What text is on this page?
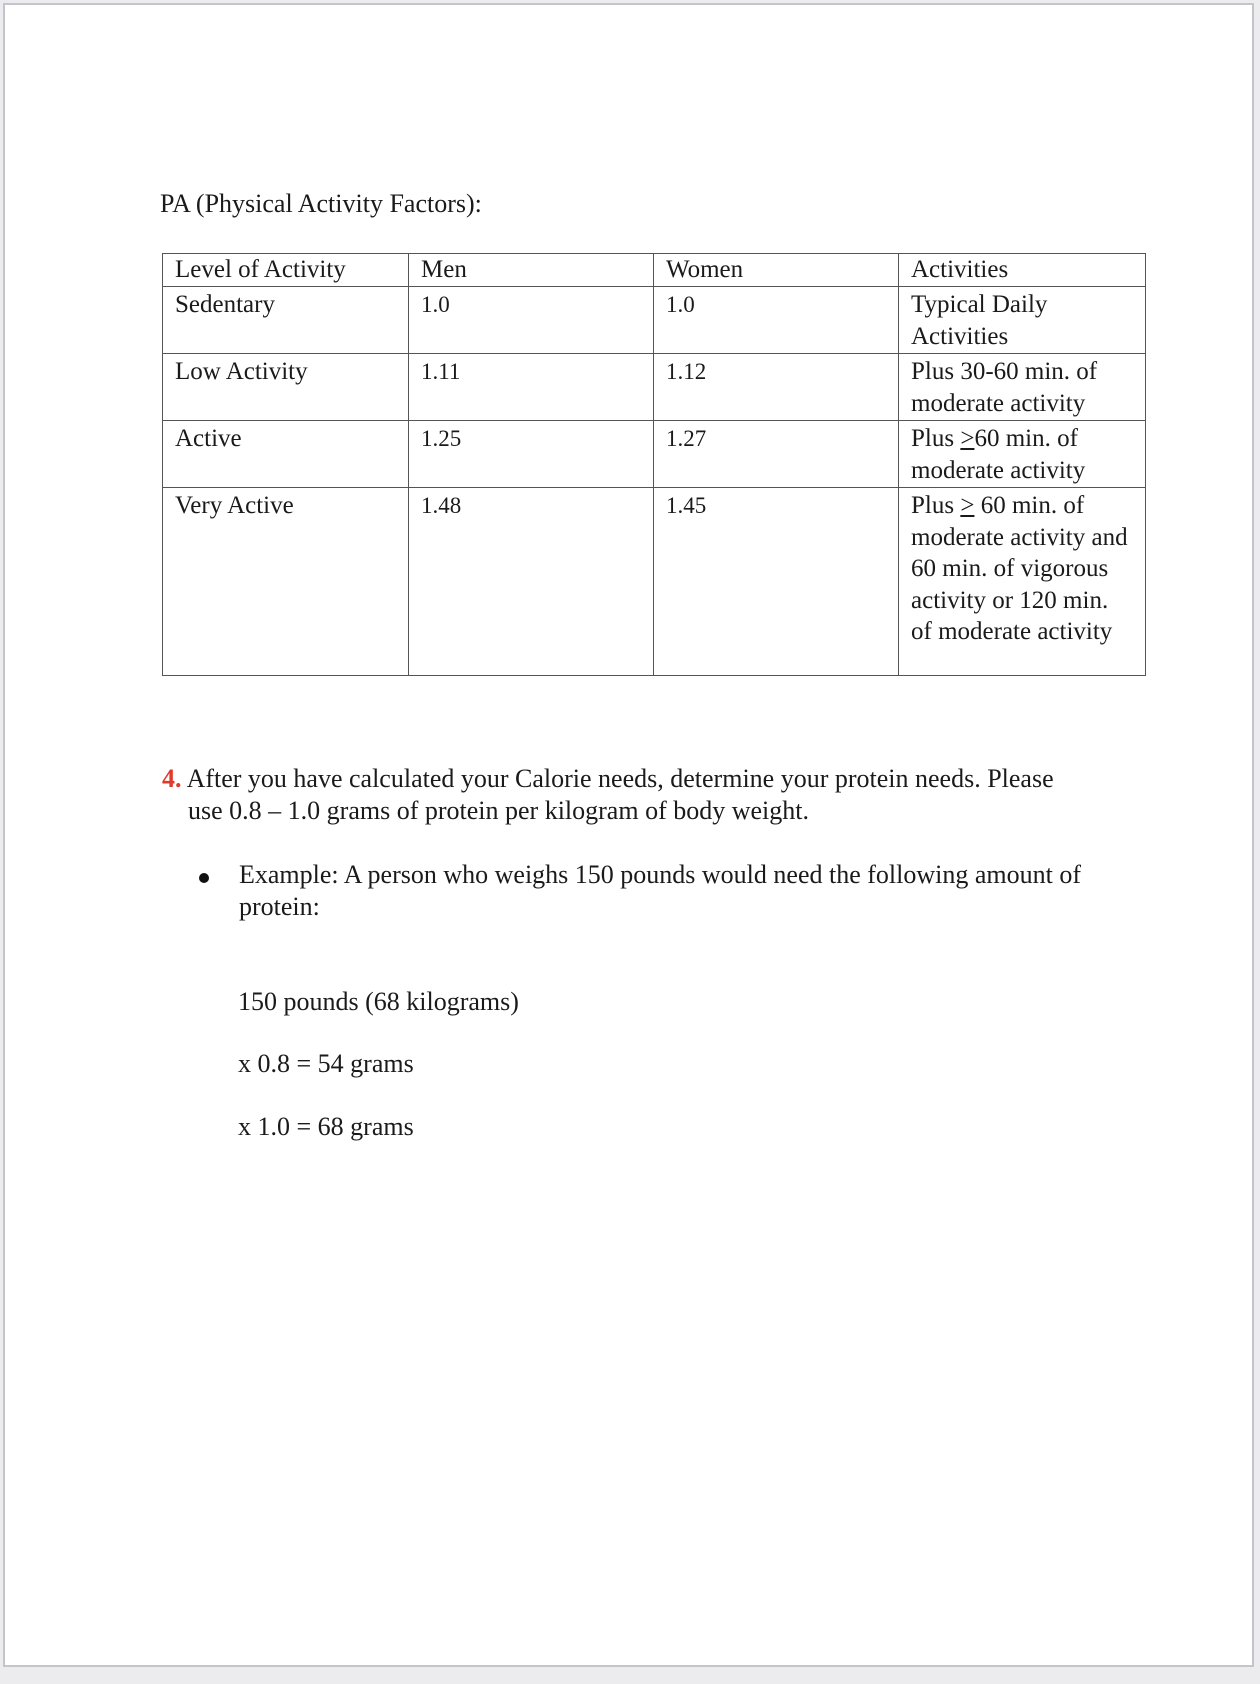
PA (Physical Activity Factors):

Level of Activity	Men	Women	Activities
Sedentary	1.0	1.0	Typical Daily Activities
Low Activity	1.11	1.12	Plus 30-60 min. of moderate activity
Active	1.25	1.27	Plus ≥60 min. of moderate activity
Very Active	1.48	1.45	Plus ≥ 60 min. of moderate activity and 60 min. of vigorous activity or 120 min. of moderate activity

4. After you have calculated your Calorie needs, determine your protein needs. Please
use 0.8 – 1.0 grams of protein per kilogram of body weight.

Example: A person who weighs 150 pounds would need the following amount of protein:

150 pounds (68 kilograms)

x 0.8 = 54 grams

x 1.0 = 68 grams
